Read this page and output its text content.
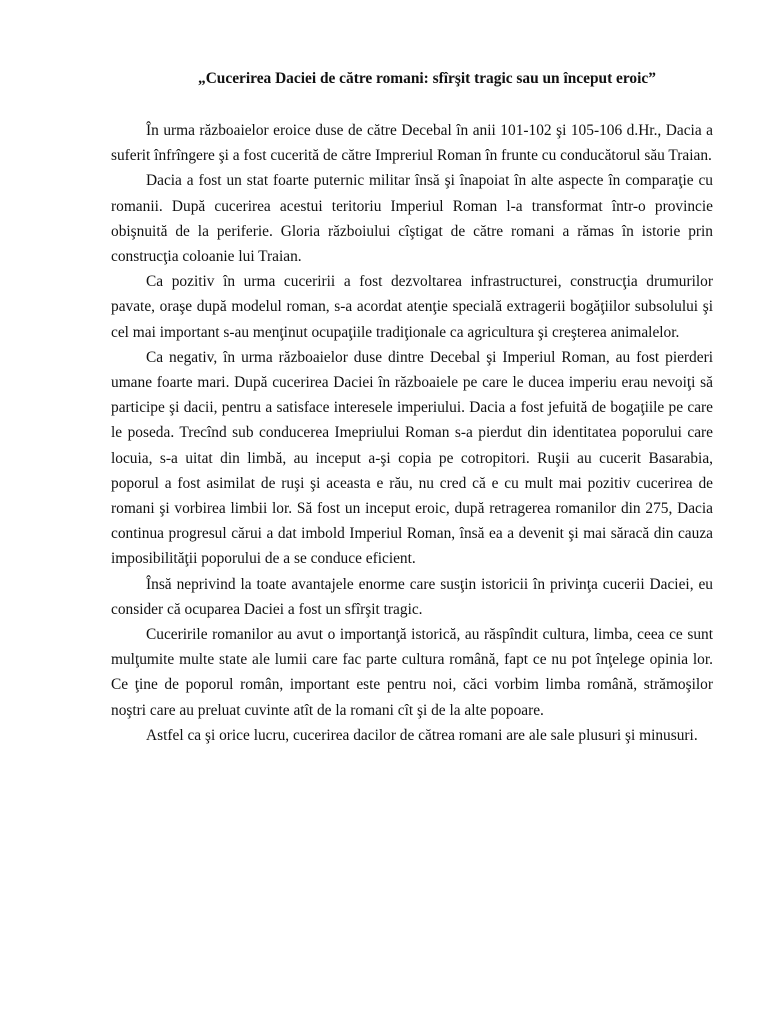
„Cucerirea Daciei de către romani: sfîrşit tragic sau un început eroic”

În urma războaielor eroice duse de către Decebal în anii 101-102 şi 105-106 d.Hr., Dacia a suferit înfrîngere şi a fost cucerită de către Impreriul Roman în frunte cu conducătorul său Traian.

Dacia a fost un stat foarte puternic militar însă şi înapoiat în alte aspecte în comparaţie cu romanii. După cucerirea acestui teritoriu Imperiul Roman l-a transformat într-o provincie obişnuită de la periferie. Gloria războiului cîştigat de către romani a rămas în istorie prin construcţia coloanie lui Traian.

Ca pozitiv în urma cuceririi a fost dezvoltarea infrastructurei, construcţia drumurilor pavate, oraşe după modelul roman, s-a acordat atenţie specială extragerii bogăţiilor subsolului şi cel mai important s-au menţinut ocupaţiile tradiţionale ca agricultura şi creşterea animalelor.

Ca negativ, în urma războaielor duse dintre Decebal şi Imperiul Roman, au fost pierderi umane foarte mari. După cucerirea Daciei în războaiele pe care le ducea imperiu erau nevoiţi să participe şi dacii, pentru a satisface interesele imperiului. Dacia a fost jefuită de bogaţiile pe care le poseda. Trecînd sub conducerea Imepriului Roman s-a pierdut din identitatea poporului care locuia, s-a uitat din limbă, au inceput a-şi copia pe cotropitori. Ruşii au cucerit Basarabia, poporul a fost asimilat de ruşi şi aceasta e rău, nu cred că e cu mult mai pozitiv cucerirea de romani şi vorbirea limbii lor. Să fost un inceput eroic, după retragerea romanilor din 275, Dacia continua progresul cărui a dat imbold Imperiul Roman, însă ea a devenit şi mai săracă din cauza imposibilităţii poporului de a se conduce eficient.

Însă neprivind la toate avantajele enorme care susţin istoricii în privinţa cucerii Daciei, eu consider că ocuparea Daciei a fost un sfîrşit tragic.

Cuceririle romanilor au avut o importanţă istorică, au răspîndit cultura, limba, ceea ce sunt mulţumite multe state ale lumii care fac parte cultura română, fapt ce nu pot înţelege opinia lor. Ce ţine de poporul român, important este pentru noi, căci vorbim limba română, strămoşilor noştri care au preluat cuvinte atît de la romani cît şi de la alte popoare.

Astfel ca şi orice lucru, cucerirea dacilor de cătrea romani are ale sale plusuri şi minusuri.
